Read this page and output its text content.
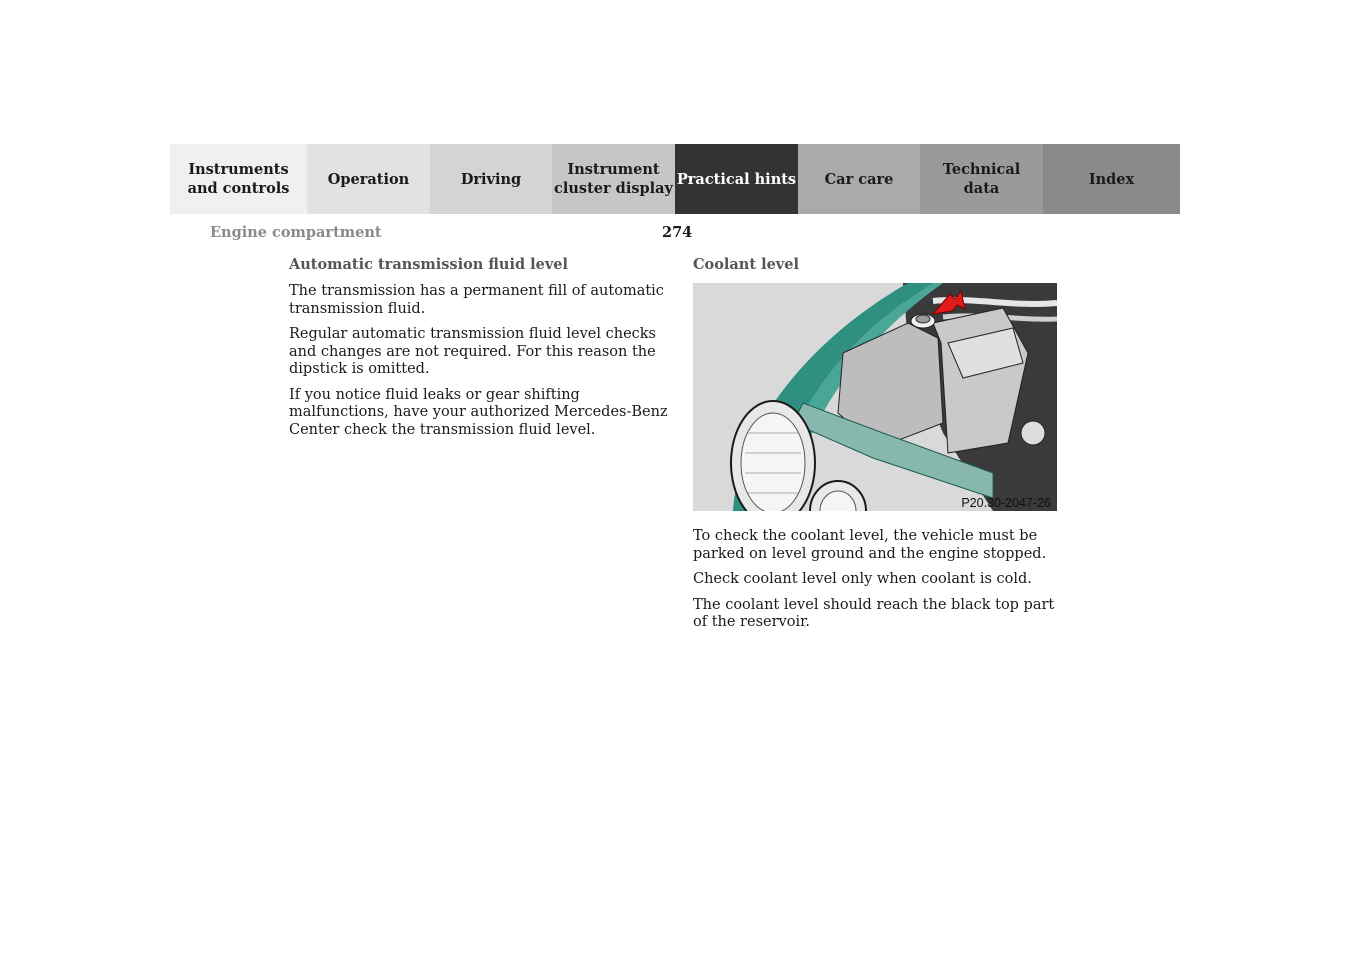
Instruments
and controls
Operation	Driving
Instrument
cluster display
Practical hints	Car care
Technical
data
Index
Engine compartment	274
Automatic transmission fluid level

The transmission has a permanent fill of automatic transmission fluid.

Regular automatic transmission fluid level checks and changes are not required. For this reason the dipstick is omitted.

If you notice fluid leaks or gear shifting malfunctions, have your authorized Mercedes-Benz Center check the transmission fluid level.

Coolant level
P20.30-2047-26

To check the coolant level, the vehicle must be parked on level ground and the engine stopped.

Check coolant level only when coolant is cold.

The coolant level should reach the black top part of the reservoir.
